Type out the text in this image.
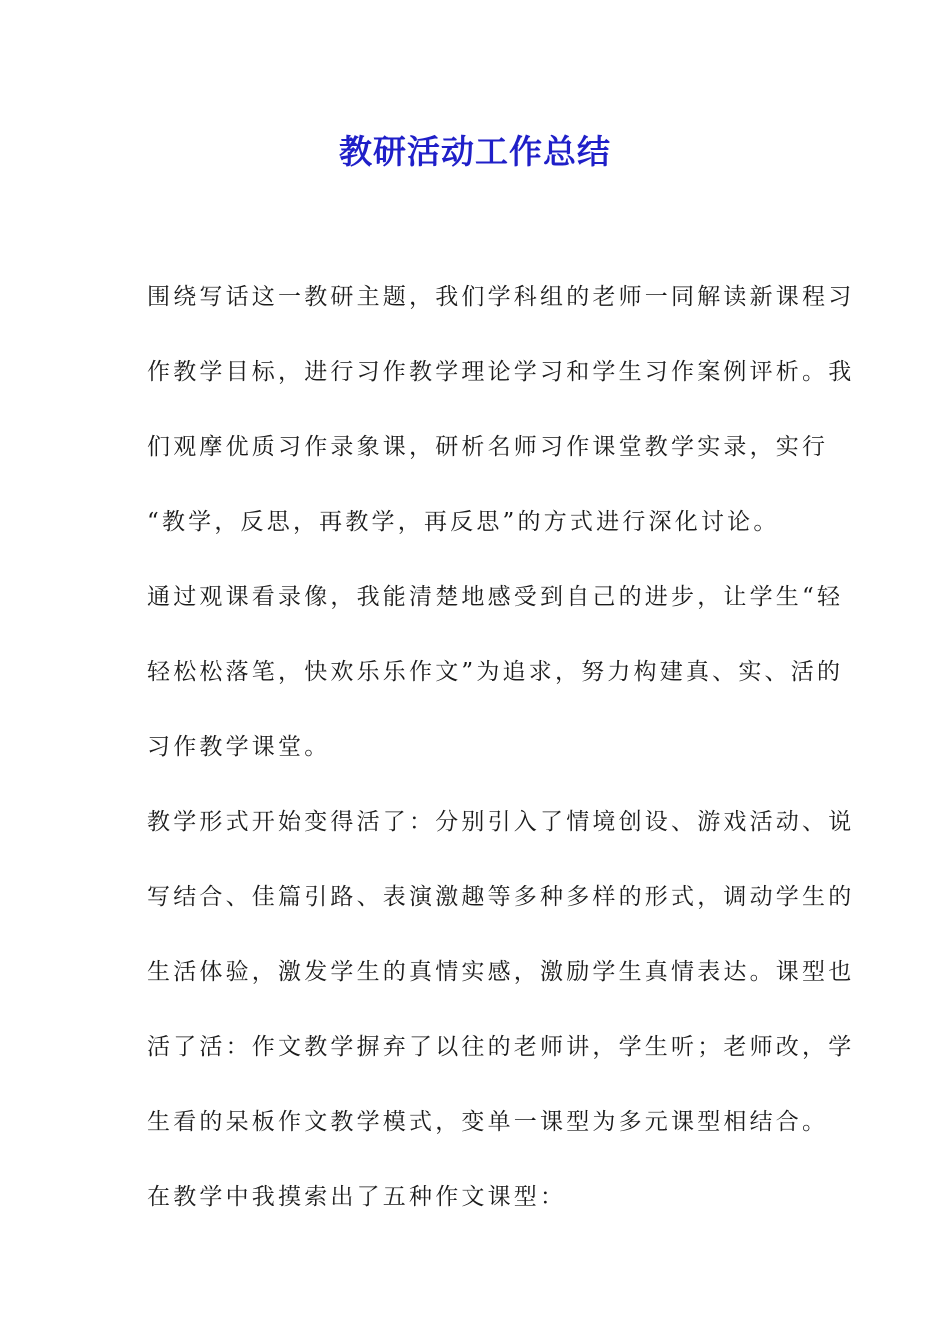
教研活动工作总结

围绕写话这一教研主题，我们学科组的老师一同解读新课程习
作教学目标，进行习作教学理论学习和学生习作案例评析。我
们观摩优质习作录象课，研析名师习作课堂教学实录，实行
“教学，反思，再教学，再反思”的方式进行深化讨论。

通过观课看录像，我能清楚地感受到自己的进步，让学生“轻
轻松松落笔，快欢乐乐作文”为追求，努力构建真、实、活的
习作教学课堂。

教学形式开始变得活了：分别引入了情境创设、游戏活动、说
写结合、佳篇引路、表演激趣等多种多样的形式，调动学生的
生活体验，激发学生的真情实感，激励学生真情表达。课型也
活了活：作文教学摒弃了以往的老师讲，学生听；老师改，学
生看的呆板作文教学模式，变单一课型为多元课型相结合。

在教学中我摸索出了五种作文课型：
